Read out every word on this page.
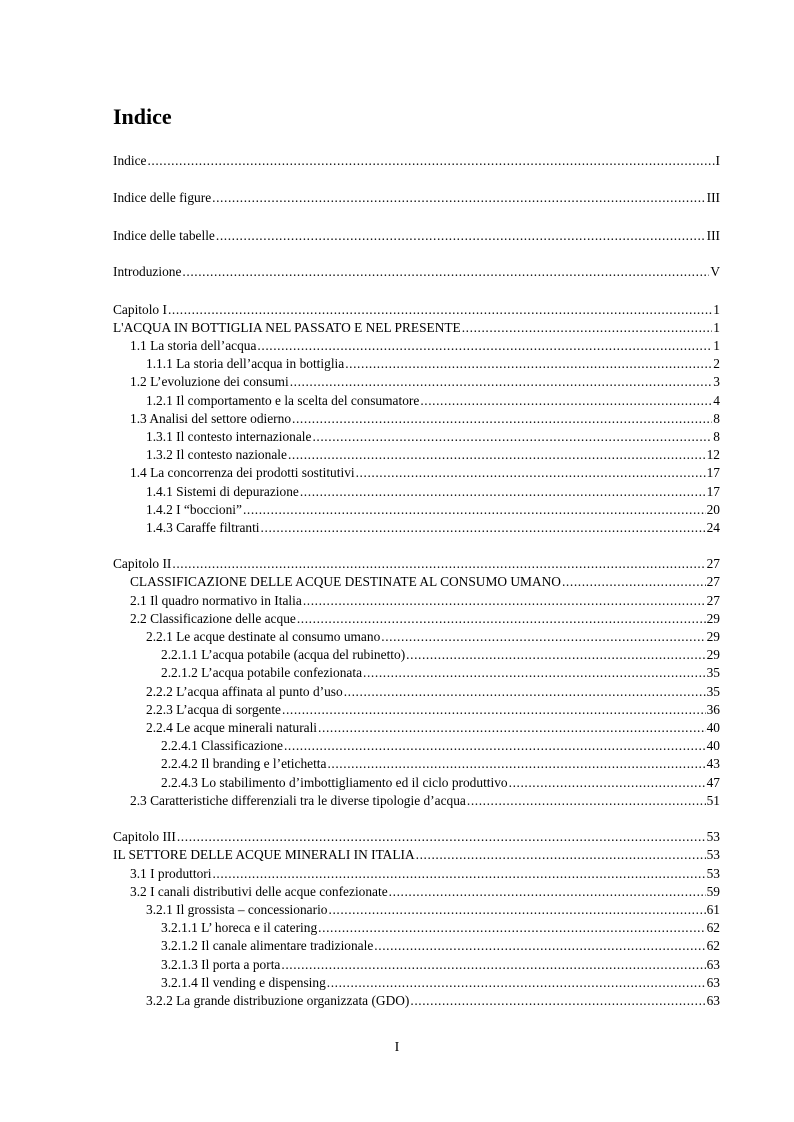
Indice
Indice .....	I
Indice delle figure .....	III
Indice delle tabelle .....	III
Introduzione .....	V
Capitolo I .....	1
L'ACQUA IN BOTTIGLIA NEL PASSATO E NEL PRESENTE .....	1
1.1 La storia dell’acqua .....	1
1.1.1 La storia dell’acqua in bottiglia .....	2
1.2 L’evoluzione dei consumi .....	3
1.2.1 Il comportamento e la scelta del consumatore .....	4
1.3 Analisi del settore odierno .....	8
1.3.1 Il contesto internazionale .....	8
1.3.2 Il contesto nazionale .....	12
1.4 La concorrenza dei prodotti sostitutivi .....	17
1.4.1 Sistemi di depurazione .....	17
1.4.2 I “boccioni” .....	20
1.4.3 Caraffe filtranti .....	24
Capitolo II .....	27
CLASSIFICAZIONE DELLE ACQUE DESTINATE AL CONSUMO UMANO .....	27
2.1 Il quadro normativo in Italia .....	27
2.2 Classificazione delle acque .....	29
2.2.1 Le acque destinate al consumo umano .....	29
2.2.1.1 L’acqua potabile (acqua del rubinetto) .....	29
2.2.1.2 L’acqua potabile confezionata .....	35
2.2.2 L’acqua affinata al punto d’uso .....	35
2.2.3 L’acqua di sorgente .....	36
2.2.4 Le acque minerali naturali .....	40
2.2.4.1 Classificazione .....	40
2.2.4.2 Il branding e l’etichetta .....	43
2.2.4.3 Lo stabilimento d’imbottigliamento ed il ciclo produttivo .....	47
2.3 Caratteristiche differenziali tra le diverse tipologie d’acqua .....	51
Capitolo III .....	53
IL SETTORE DELLE ACQUE MINERALI IN ITALIA .....	53
3.1 I produttori .....	53
3.2 I canali distributivi delle acque confezionate .....	59
3.2.1 Il grossista – concessionario .....	61
3.2.1.1 L’ horeca e il catering .....	62
3.2.1.2 Il canale alimentare tradizionale .....	62
3.2.1.3 Il porta a porta .....	63
3.2.1.4 Il vending e dispensing .....	63
3.2.2 La grande distribuzione organizzata (GDO) .....	63
I
